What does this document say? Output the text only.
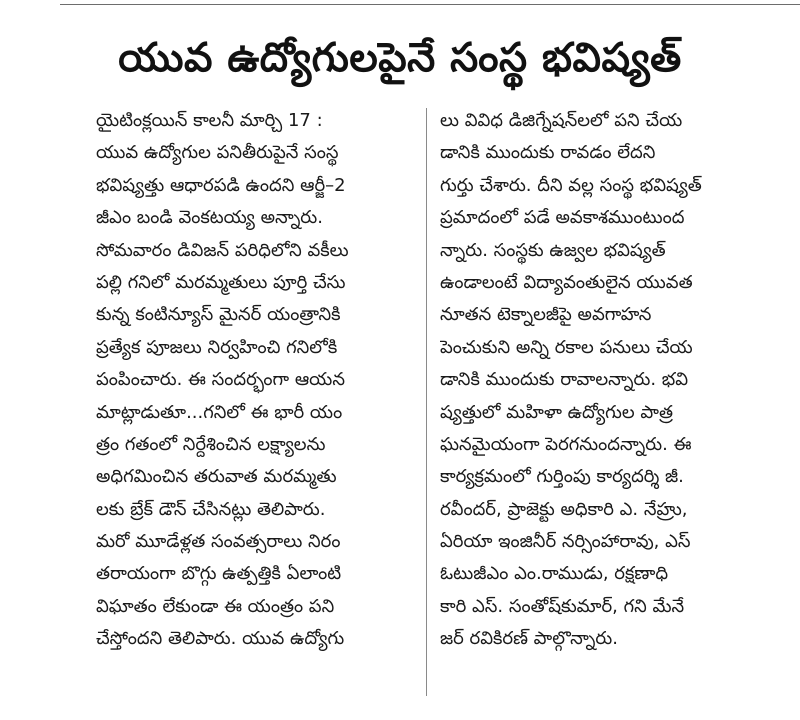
యువ ఉద్యోగులపైనే సంస్థ భవిష్యత్
యైటింక్లయిన్ కాలనీ మార్చి 17 :
యువ ఉద్యోగుల పనితీరుపైనే సంస్థ
భవిష్యత్తు ఆధారపడి ఉందని ఆర్జీ–2
జీఎం బండి వెంకటయ్య అన్నారు.
సోమవారం డివిజన్ పరిధిలోని వకీలు
పల్లి గనిలో మరమ్మతులు పూర్తి చేసు
కున్న కంటిన్యూస్ మైనర్ యంత్రానికి
ప్రత్యేక పూజలు నిర్వహించి గనిలోకి
పంపించారు. ఈ సందర్భంగా ఆయన
మాట్లాడుతూ...గనిలో ఈ భారీ యం
త్రం గతంలో నిర్దేశించిన లక్ష్యాలను
అధిగమించిన తరువాత మరమ్మతు
లకు బ్రేక్ డౌన్ చేసినట్లు తెలిపారు.
మరో మూడేళ్లత సంవత్సరాలు నిరం
తరాయంగా బొగ్గు ఉత్పత్తికి ఏలాంటి
విఘాతం లేకుండా ఈ యంత్రం పని
చేస్తోందని తెలిపారు. యువ ఉద్యోగు
లు వివిధ డిజిగ్నేషన్‌లలో పని చేయ
డానికి ముందుకు రావడం లేదని
గుర్తు చేశారు. దీని వల్ల సంస్థ భవిష్యత్
ప్రమాదంలో పడే అవకాశముంటుంద
న్నారు. సంస్థకు ఉజ్వల భవిష్యత్
ఉండాలంటే విద్యావంతులైన యువత
నూతన టెక్నాలజీపై అవగాహన
పెంచుకుని అన్ని రకాల పనులు చేయ
డానికి ముందుకు రావాలన్నారు. భవి
ష్యత్తులో మహిళా ఉద్యోగుల పాత్ర
ఘనమైయంగా పెరగనుందన్నారు. ఈ
కార్యక్రమంలో గుర్తింపు కార్యదర్శి జీ.
రవీందర్, ప్రాజెక్టు అధికారి ఎ. నేహ్రు,
ఏరియా ఇంజినీర్ నర్సింహారావు, ఎస్
ఓటుజీఎం ఎం.రాముడు, రక్షణాధి
కారి ఎస్. సంతోష్‌కుమార్, గని మేనే
జర్ రవికిరణ్ పాల్గొన్నారు.
